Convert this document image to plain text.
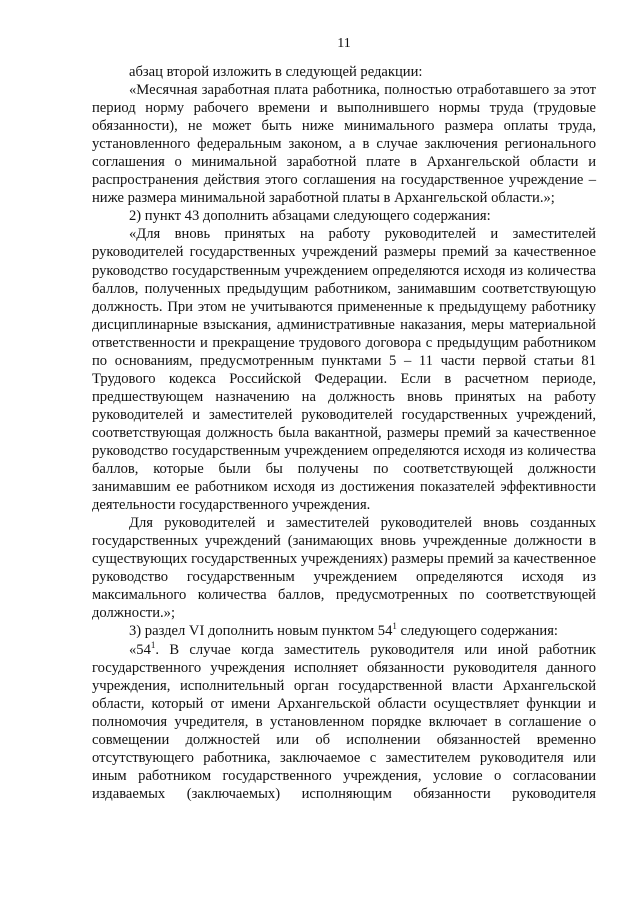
11

абзац второй изложить в следующей редакции:

«Месячная заработная плата работника, полностью отработавшего за этот период норму рабочего времени и выполнившего нормы труда (трудовые обязанности), не может быть ниже минимального размера оплаты труда, установленного федеральным законом, а в случае заключения регионального соглашения о минимальной заработной плате в Архангельской области и распространения действия этого соглашения на государственное учреждение – ниже размера минимальной заработной платы в Архангельской области.»;

2) пункт 43 дополнить абзацами следующего содержания:

«Для вновь принятых на работу руководителей и заместителей руководителей государственных учреждений размеры премий за качественное руководство государственным учреждением определяются исходя из количества баллов, полученных предыдущим работником, занимавшим соответствующую должность. При этом не учитываются примененные к предыдущему работнику дисциплинарные взыскания, административные наказания, меры материальной ответственности и прекращение трудового договора с предыдущим работником по основаниям, предусмотренным пунктами 5 – 11 части первой статьи 81 Трудового кодекса Российской Федерации. Если в расчетном периоде, предшествующем назначению на должность вновь принятых на работу руководителей и заместителей руководителей государственных учреждений, соответствующая должность была вакантной, размеры премий за качественное руководство государственным учреждением определяются исходя из количества баллов, которые были бы получены по соответствующей должности занимавшим ее работником исходя из достижения показателей эффективности деятельности государственного учреждения.

Для руководителей и заместителей руководителей вновь созданных государственных учреждений (занимающих вновь учрежденные должности в существующих государственных учреждениях) размеры премий за качественное руководство государственным учреждением определяются исходя из максимального количества баллов, предусмотренных по соответствующей должности.»;

3) раздел VI дополнить новым пунктом $54^1$ следующего содержания:

«$54^1$. В случае когда заместитель руководителя или иной работник государственного учреждения исполняет обязанности руководителя данного учреждения, исполнительный орган государственной власти Архангельской области, который от имени Архангельской области осуществляет функции и полномочия учредителя, в установленном порядке включает в соглашение о совмещении должностей или об исполнении обязанностей временно отсутствующего работника, заключаемое с заместителем руководителя или иным работником государственного учреждения, условие о согласовании издаваемых (заключаемых) исполняющим обязанности руководителя
